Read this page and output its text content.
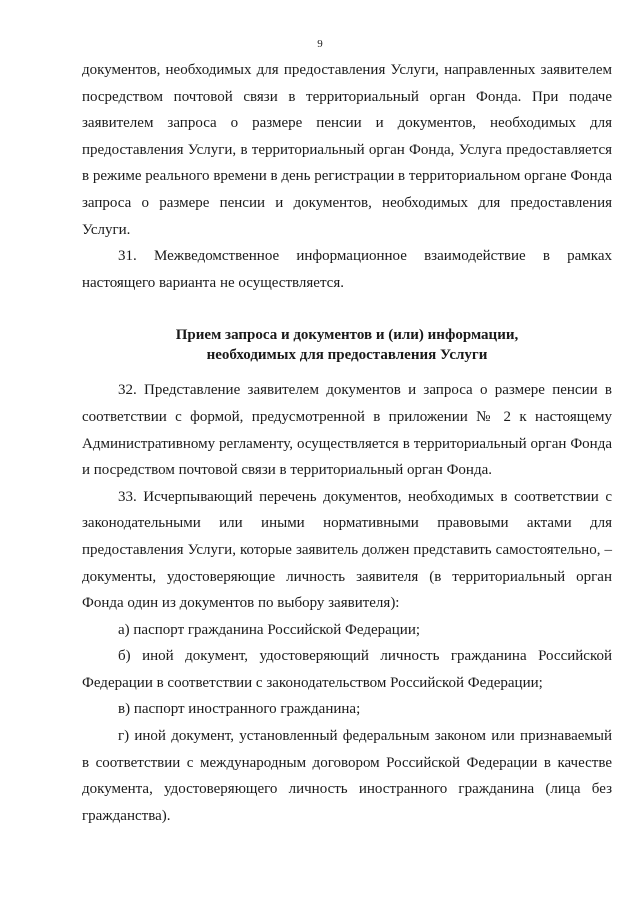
9

документов, необходимых для предоставления Услуги, направленных заявителем посредством почтовой связи в территориальный орган Фонда. При подаче заявителем запроса о размере пенсии и документов, необходимых для предоставления Услуги, в территориальный орган Фонда, Услуга предоставляется в режиме реального времени в день регистрации в территориальном органе Фонда запроса о размере пенсии и документов, необходимых для предоставления Услуги.

31. Межведомственное информационное взаимодействие в рамках настоящего варианта не осуществляется.

Прием запроса и документов и (или) информации,
необходимых для предоставления Услуги

32. Представление заявителем документов и запроса о размере пенсии в соответствии с формой, предусмотренной в приложении № 2 к настоящему Административному регламенту, осуществляется в территориальный орган Фонда и посредством почтовой связи в территориальный орган Фонда.

33. Исчерпывающий перечень документов, необходимых в соответствии с законодательными или иными нормативными правовыми актами для предоставления Услуги, которые заявитель должен представить самостоятельно, – документы, удостоверяющие личность заявителя (в территориальный орган Фонда один из документов по выбору заявителя):

а) паспорт гражданина Российской Федерации;

б) иной документ, удостоверяющий личность гражданина Российской Федерации в соответствии с законодательством Российской Федерации;

в) паспорт иностранного гражданина;

г) иной документ, установленный федеральным законом или признаваемый в соответствии с международным договором Российской Федерации в качестве документа, удостоверяющего личность иностранного гражданина (лица без гражданства).
